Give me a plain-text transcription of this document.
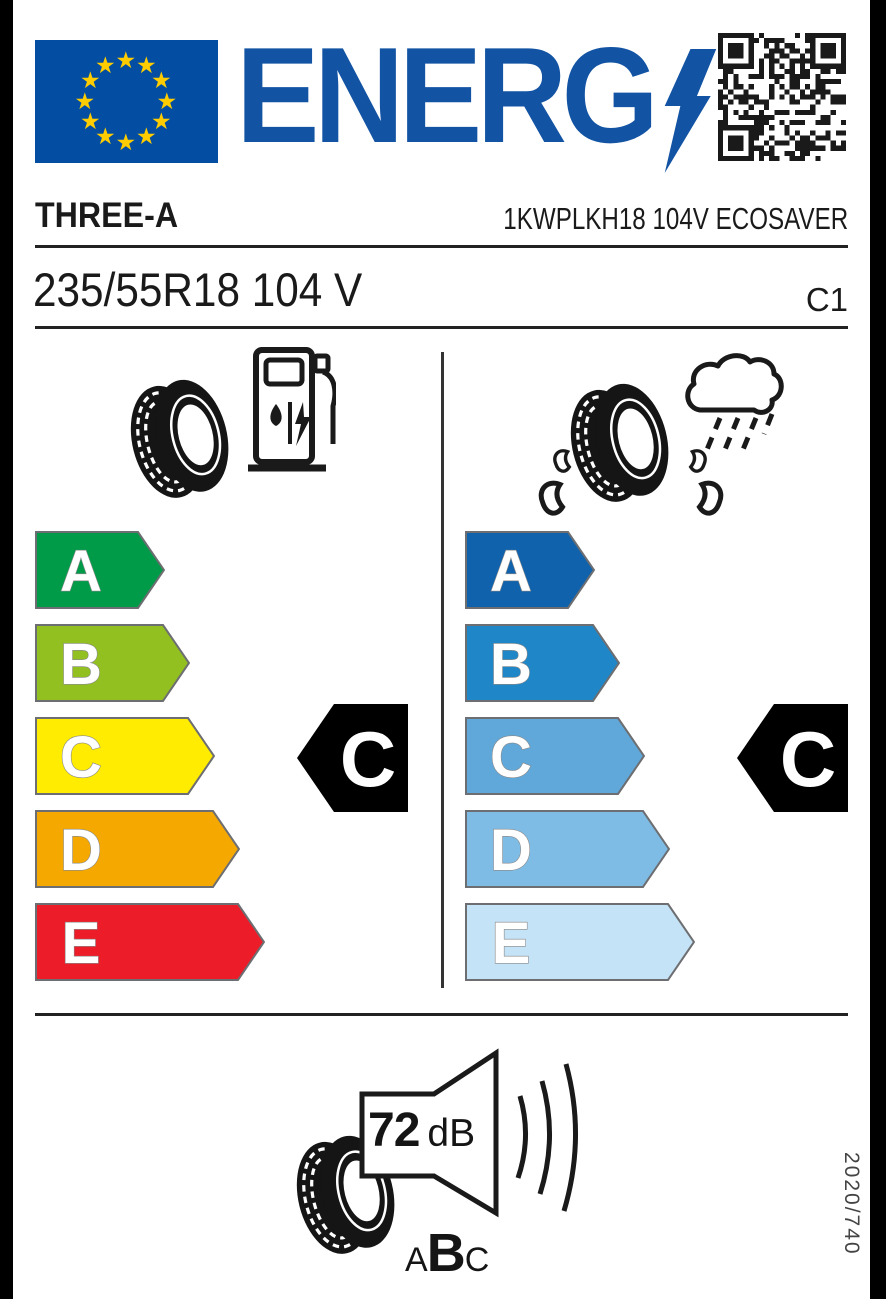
★ ★
★
★
★
★
★
★
★
★
★
★ ENERG
THREE-A	1KWPLKH18 104V ECOSAVER
235/55R18 104 V	C1
A
B
C
D
E
A
B
C
D
E
C	C
72 dB
A B C
2020/740
